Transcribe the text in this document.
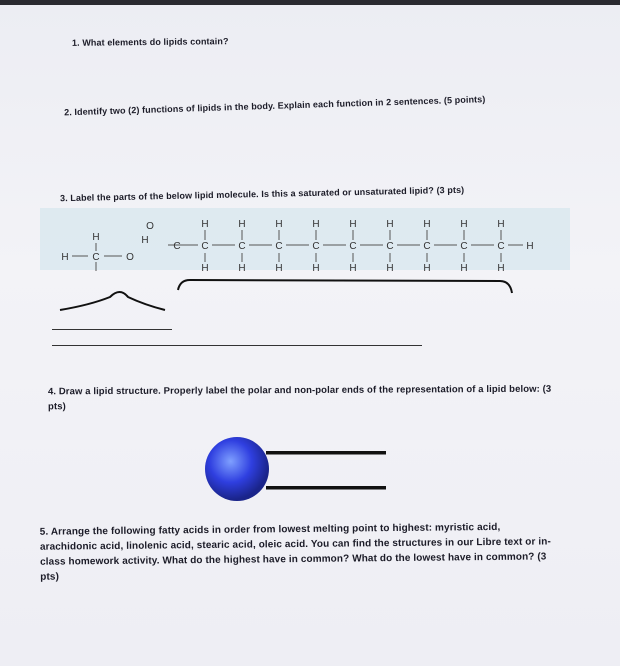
1. What elements do lipids contain?
2. Identify two (2) functions of lipids in the body. Explain each function in 2 sentences. (5 points)
3. Label the parts of the below lipid molecule. Is this a saturated or unsaturated lipid? (3 pts)
H C	O
H
O
H
C
H
H
C
H
H
C
H
H
C
H
H
C
H
H
C
H
H
C
H
H
C
H
H
C
H
H
H
C
4. Draw a lipid structure. Properly label the polar and non-polar ends of the representation of a lipid below: (3 pts)
5. Arrange the following fatty acids in order from lowest melting point to highest: myristic acid, arachidonic acid, linolenic acid, stearic acid, oleic acid. You can find the structures in our Libre text or in-class homework activity. What do the highest have in common? What do the lowest have in common? (3 pts)
